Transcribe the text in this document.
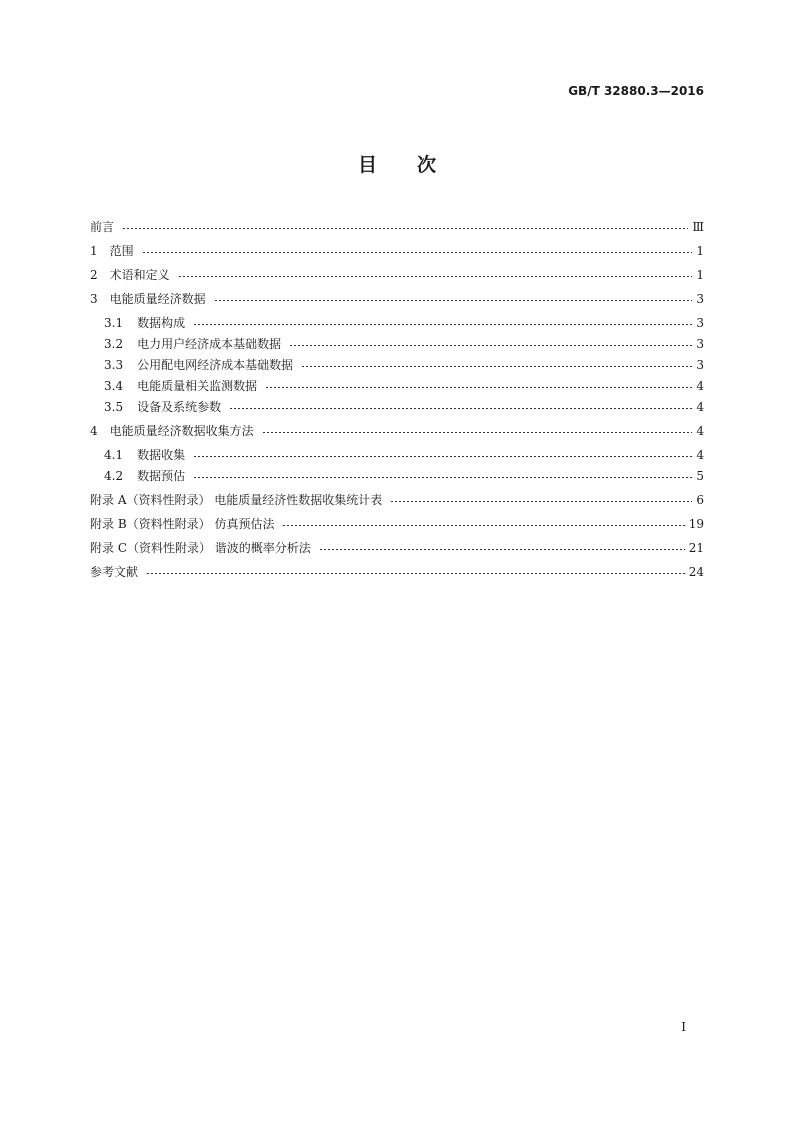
GB/T 32880.3—2016
目次
前言	Ⅲ
1 范围	1
2 术语和定义	1
3 电能质量经济数据	3
3.1 数据构成	3
3.2 电力用户经济成本基础数据	3
3.3 公用配电网经济成本基础数据	3
3.4 电能质量相关监测数据	4
3.5 设备及系统参数	4
4 电能质量经济数据收集方法	4
4.1 数据收集	4
4.2 数据预估	5
附录 A（资料性附录） 电能质量经济性数据收集统计表	6
附录 B（资料性附录） 仿真预估法	19
附录 C（资料性附录） 谐波的概率分析法	21
参考文献	24
I
